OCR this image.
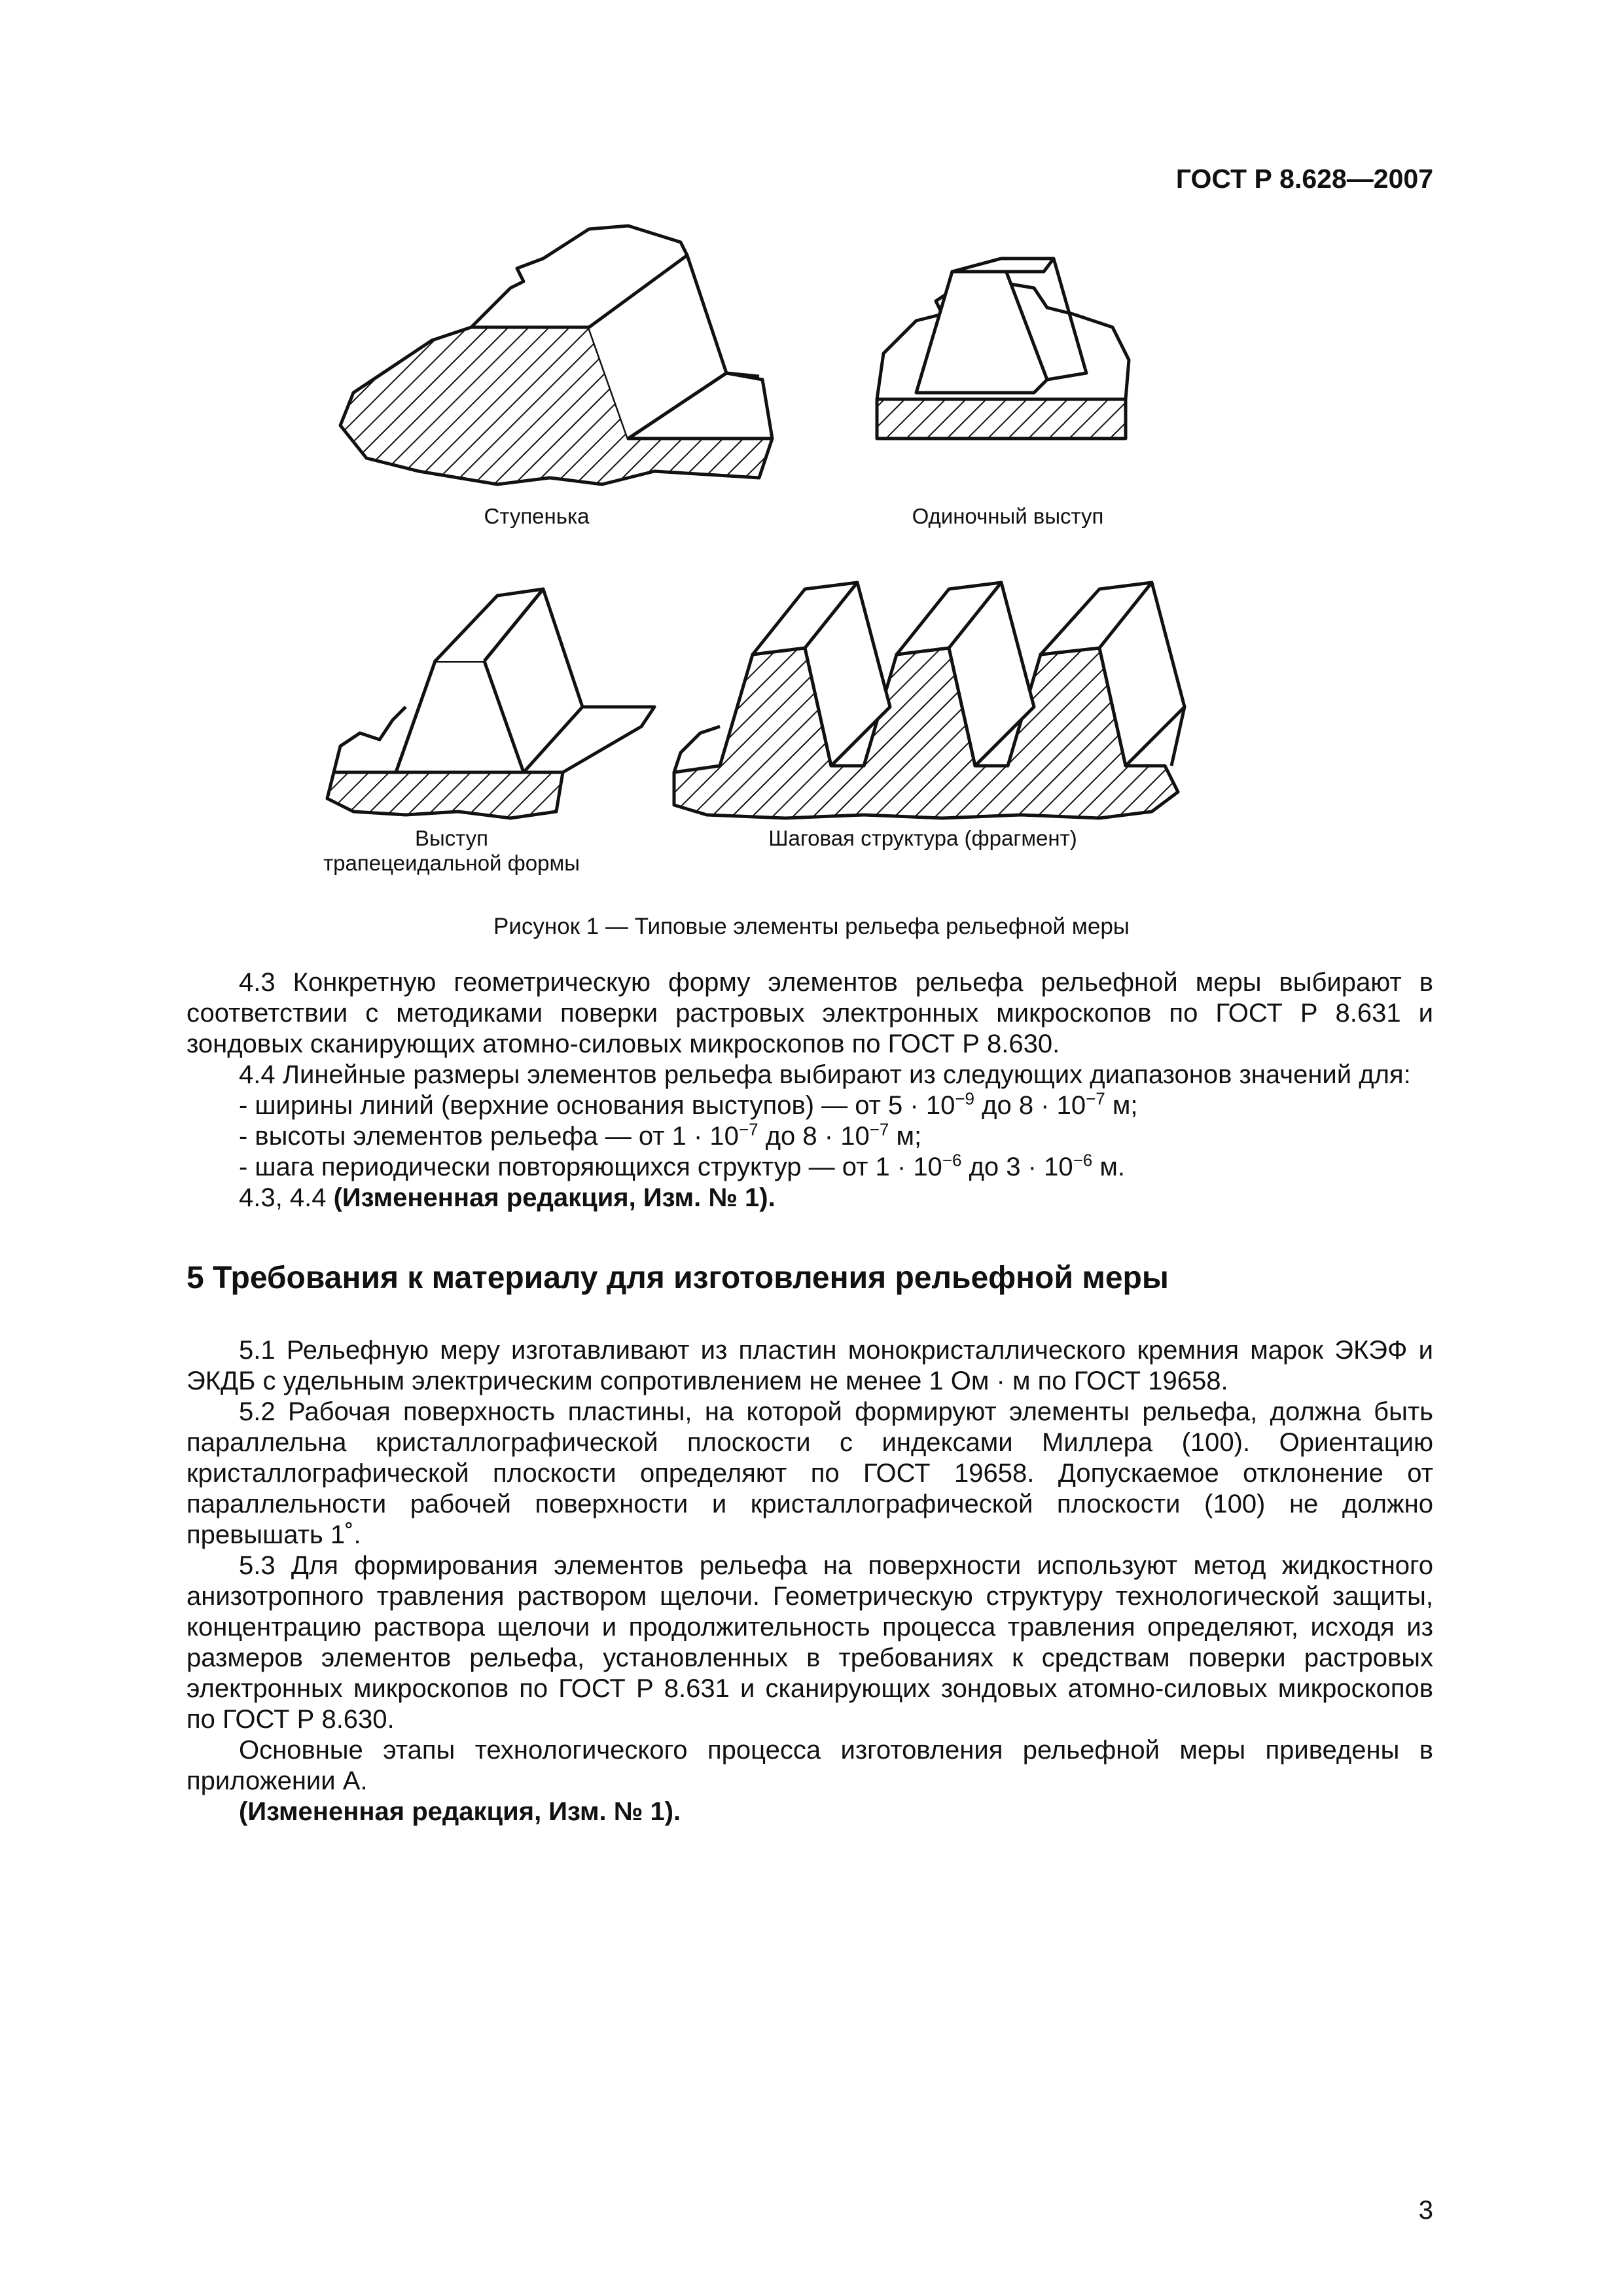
ГОСТ Р 8.628—2007
Ступенька	Одиночный выступ
Выступ
трапецеидальной формы
Шаговая структура (фрагмент)
Рисунок 1 — Типовые элементы рельефа рельефной меры

4.3 Конкретную геометрическую форму элементов рельефа рельефной меры выбирают в соответствии с методиками поверки растровых электронных микроскопов по ГОСТ Р 8.631 и зондовых сканирующих атомно-силовых микроскопов по ГОСТ Р 8.630.

4.4 Линейные размеры элементов рельефа выбирают из следующих диапазонов значений для:

- ширины линий (верхние основания выступов) — от $5 \cdot 10^{-9}$ до $8 \cdot 10^{-7}$ м;
- высоты элементов рельефа — от $1 \cdot 10^{-7}$ до $8 \cdot 10^{-7}$ м;
- шага периодически повторяющихся структур — от $1 \cdot 10^{-6}$ до $3 \cdot 10^{-6}$ м.

4.3, 4.4 (Измененная редакция, Изм. № 1).

5 Требования к материалу для изготовления рельефной меры

5.1 Рельефную меру изготавливают из пластин монокристаллического кремния марок ЭКЭФ и ЭКДБ с удельным электрическим сопротивлением не менее 1 Ом · м по ГОСТ 19658.

5.2 Рабочая поверхность пластины, на которой формируют элементы рельефа, должна быть параллельна кристаллографической плоскости с индексами Миллера (100). Ориентацию кристаллографической плоскости определяют по ГОСТ 19658. Допускаемое отклонение от параллельности рабочей поверхности и кристаллографической плоскости (100) не должно превышать 1˚.

5.3 Для формирования элементов рельефа на поверхности используют метод жидкостного анизотропного травления раствором щелочи. Геометрическую структуру технологической защиты, концентрацию раствора щелочи и продолжительность процесса травления определяют, исходя из размеров элементов рельефа, установленных в требованиях к средствам поверки растровых электронных микроскопов по ГОСТ Р 8.631 и сканирующих зондовых атомно-силовых микроскопов по ГОСТ Р 8.630.

Основные этапы технологического процесса изготовления рельефной меры приведены в приложении А.

(Измененная редакция, Изм. № 1).

3
